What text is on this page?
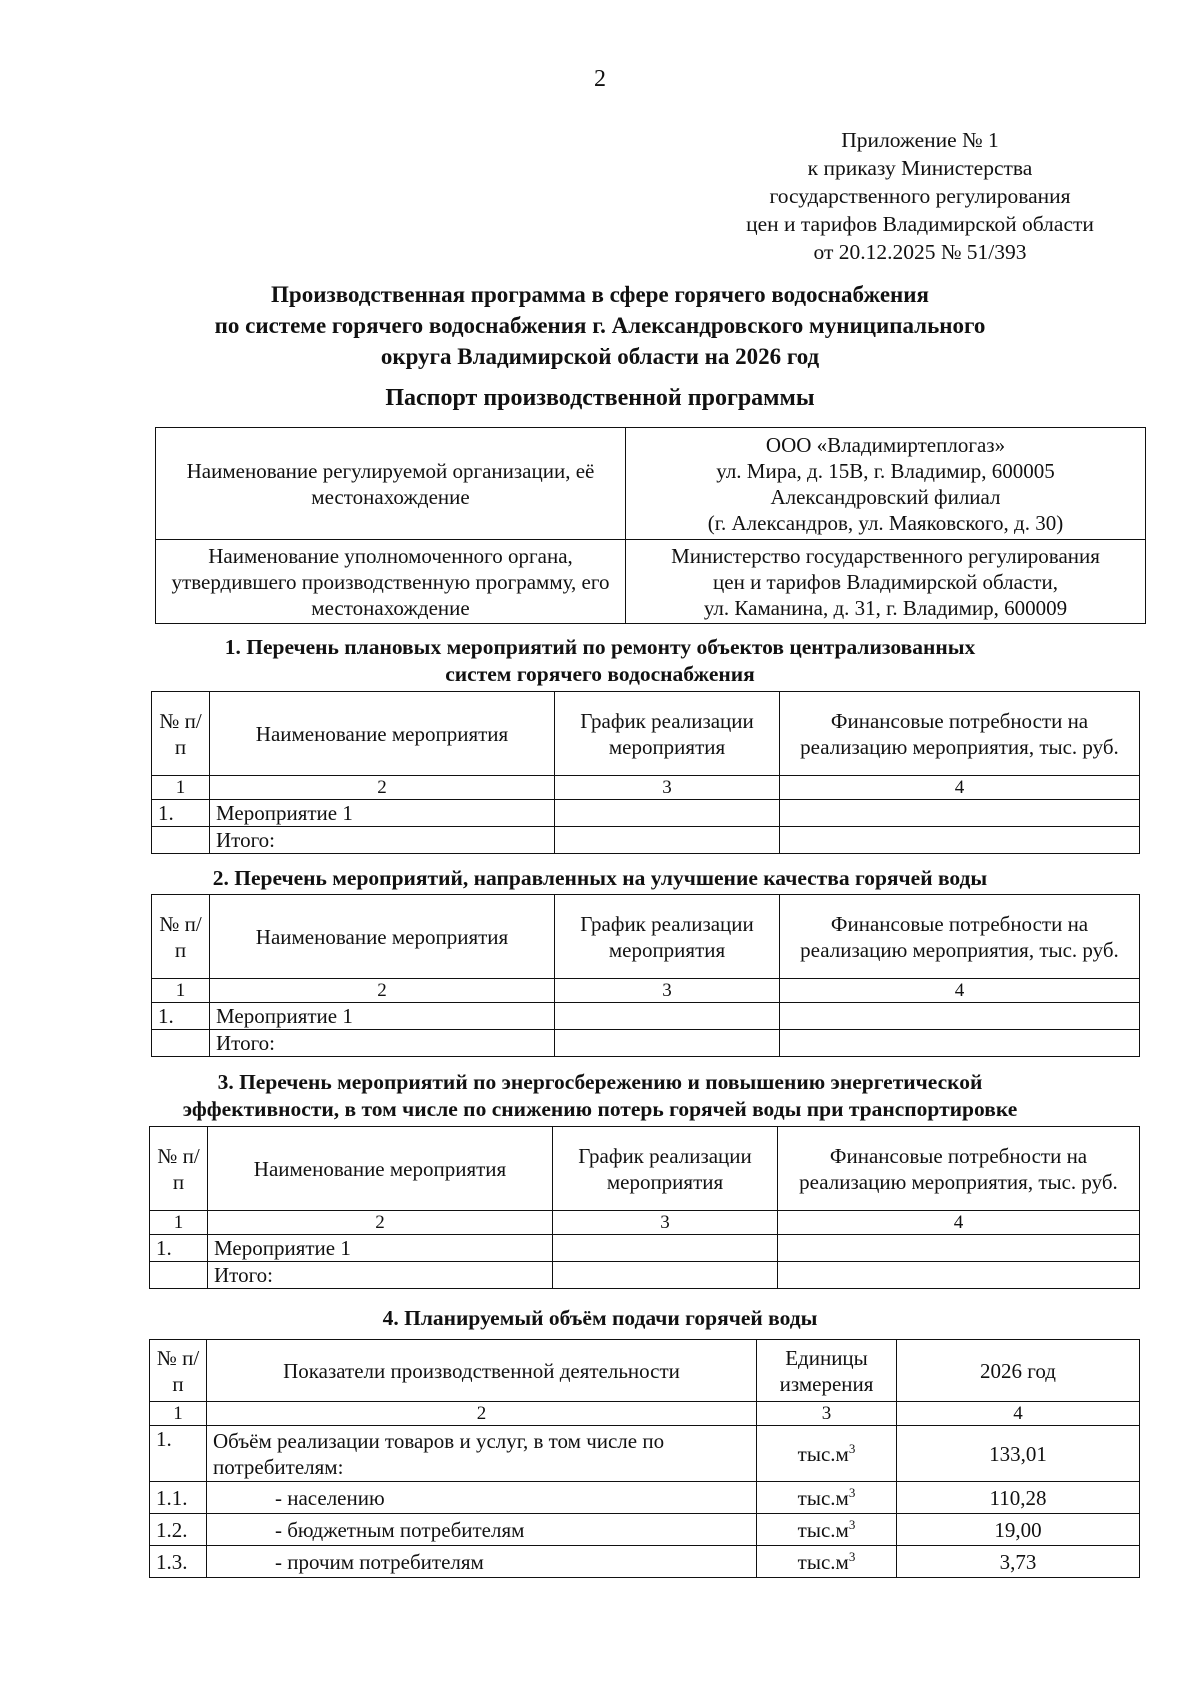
2
Приложение № 1
к приказу Министерства
государственного регулирования
цен и тарифов Владимирской области
от 20.12.2025 № 51/393
Производственная программа в сфере горячего водоснабжения
по системе горячего водоснабжения г. Александровского муниципального
округа Владимирской области на 2026 год
Паспорт производственной программы
Наименование регулируемой организации, её местонахождение	ООО «Владимиртеплогаз»
ул. Мира, д. 15В, г. Владимир, 600005
Александровский филиал
(г. Александров, ул. Маяковского, д. 30)

Наименование уполномоченного органа, утвердившего производственную программу, его местонахождение	Министерство государственного регулирования
цен и тарифов Владимирской области,
ул. Каманина, д. 31, г. Владимир, 600009
1. Перечень плановых мероприятий по ремонту объектов централизованных
систем горячего водоснабжения
№ п/п	Наименование мероприятия	График реализации мероприятия	Финансовые потребности на реализацию мероприятия, тыс. руб.
1	2	3	4
1.	Мероприятие 1		
	Итого:		
2. Перечень мероприятий, направленных на улучшение качества горячей воды
№ п/п	Наименование мероприятия	График реализации мероприятия	Финансовые потребности на реализацию мероприятия, тыс. руб.
1	2	3	4
1.	Мероприятие 1		
	Итого:		
3. Перечень мероприятий по энергосбережению и повышению энергетической
эффективности, в том числе по снижению потерь горячей воды при транспортировке
№ п/п	Наименование мероприятия	График реализации мероприятия	Финансовые потребности на реализацию мероприятия, тыс. руб.
1	2	3	4
1.	Мероприятие 1		
	Итого:		
4. Планируемый объём подачи горячей воды
№ п/п	Показатели производственной деятельности	Единицы измерения	2026 год
1	2	3	4
1.	Объём реализации товаров и услуг, в том числе по потребителям:	$тыс.м^3$	133,01
1.1.	- населению	$тыс.м^3$	110,28
1.2.	- бюджетным потребителям	$тыс.м^3$	19,00
1.3.	- прочим потребителям	$тыс.м^3$	3,73
